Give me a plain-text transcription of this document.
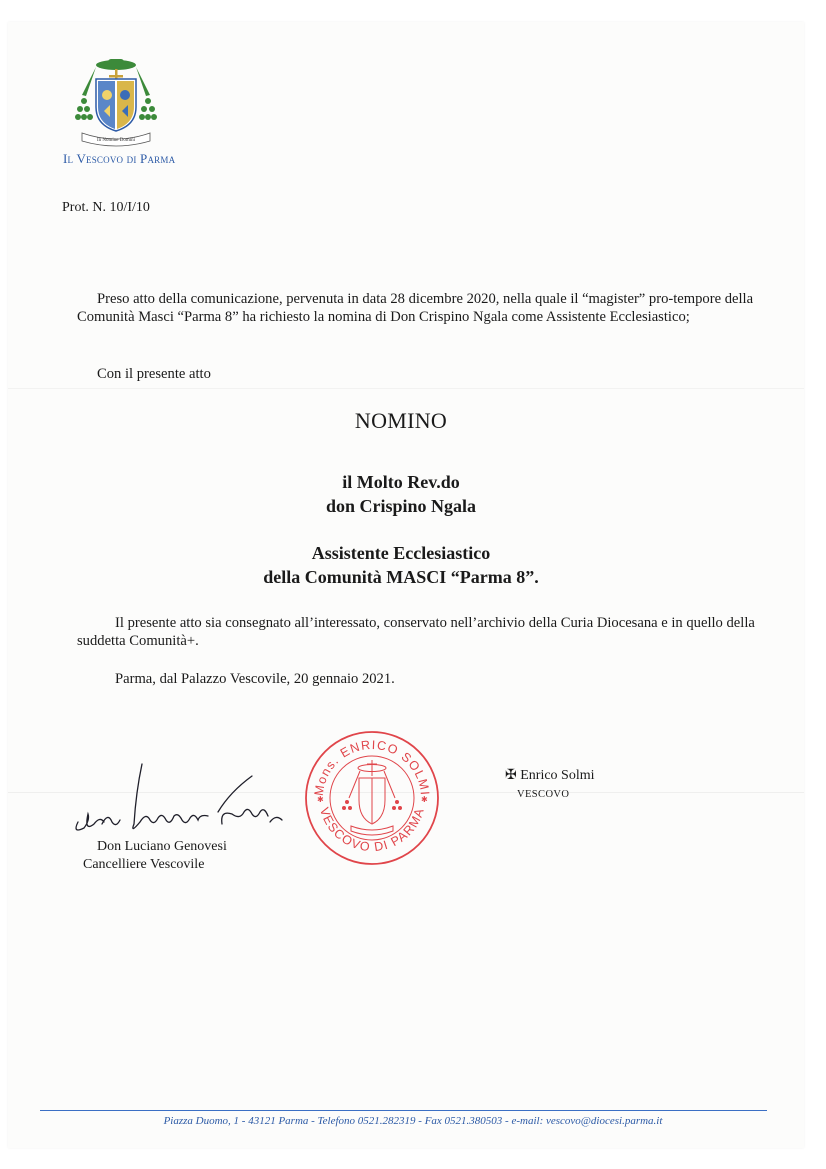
In Nomine Domini
Il Vescovo di Parma
Prot. N. 10/I/10
Preso atto della comunicazione, pervenuta in data 28 dicembre 2020, nella quale il “magister” pro-tempore della Comunità Masci “Parma 8” ha richiesto la nomina di Don Crispino Ngala come Assistente Ecclesiastico;
Con il presente atto
NOMINO
il Molto Rev.do
don Crispino Ngala
Assistente Ecclesiastico
della Comunità MASCI “Parma 8”.
Il presente atto sia consegnato all’interessato, conservato nell’archivio della Curia Diocesana e in quello della suddetta Comunità+.
Parma, dal Palazzo Vescovile, 20 gennaio 2021.
Mons. ENRICO SOLMI
VESCOVO DI PARMA
✱	✱
✠ Enrico Solmi
VESCOVO
Don Luciano Genovesi
Cancelliere Vescovile
Piazza Duomo, 1 - 43121 Parma - Telefono 0521.282319 - Fax 0521.380503 - e-mail: vescovo@diocesi.parma.it
